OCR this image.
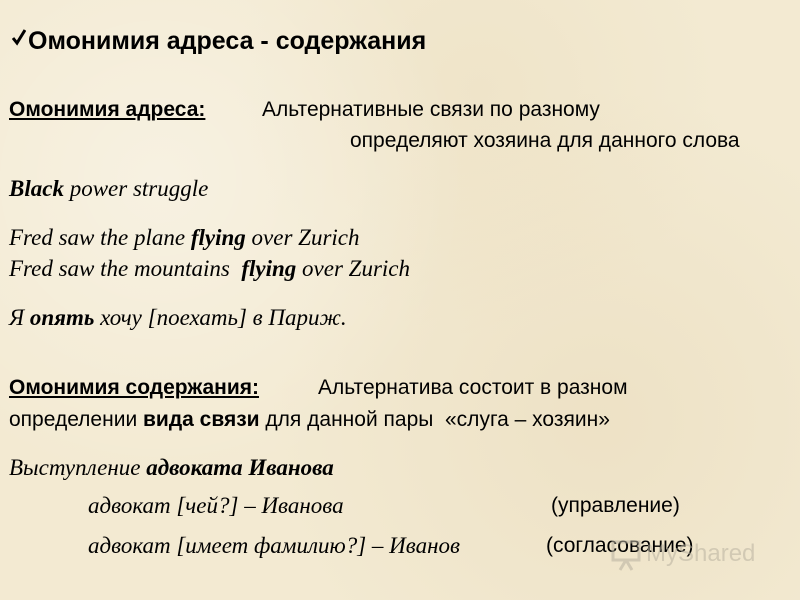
Омонимия адреса - содержания
Омонимия адреса:	Альтернативные связи по разному
определяют хозяина для данного слова
Black power struggle
Fred saw the plane flying over Zurich
Fred saw the mountains  flying over Zurich
Я опять хочу [поехать] в Париж.
Омонимия содержания:	Альтернатива состоит в разном
определении вида связи для данной пары  «слуга – хозяин»
Выступление адвоката Иванова
адвокат [чей?] – Иванова	(управление)
адвокат [имеет фамилию?] – Иванов	(согласование)
MyShared
